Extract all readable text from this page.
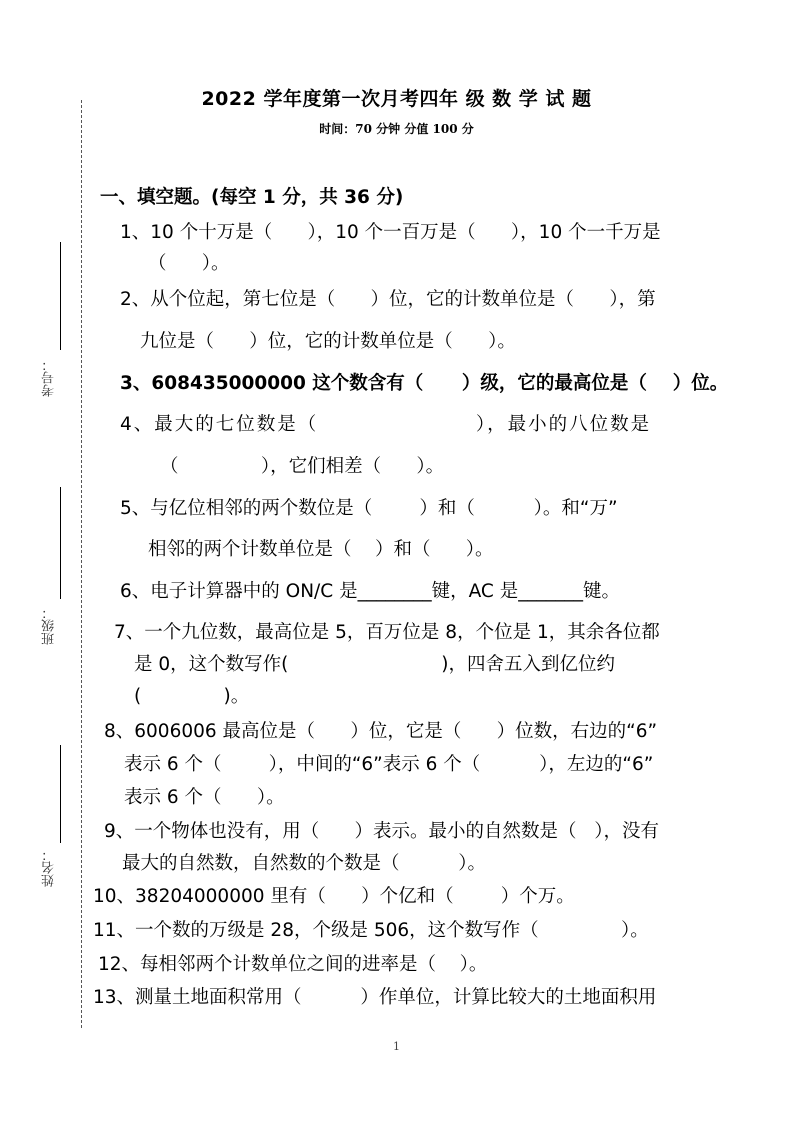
考号：
班级：
姓名：
2022 学年度第一次月考四年 级 数 学 试 题
时间：70 分钟 分值 100 分
一、填空题。(每空 1 分，共 36 分)
1、10 个十万是（      ），10 个一百万是（      ），10 个一千万是
（      ）。
2、从个位起，第七位是（      ）位，它的计数单位是（      ），第
九位是（      ）位，它的计数单位是（      ）。
3、608435000000 这个数含有（      ）级，它的最高位是（    ）位。
4、最大的七位数是（                    ），最小的八位数是
（              ），它们相差（      ）。
5、与亿位相邻的两个数位是（        ）和（          ）。和“万”
相邻的两个计数单位是（    ）和（      ）。
6、电子计算器中的 ON/C 是________键，AC 是_______键。
7、一个九位数，最高位是 5，百万位是 8，个位是 1，其余各位都
是 0，这个数写作(                          )，四舍五入到亿位约
(              )。
8、6006006 最高位是（      ）位，它是（      ）位数，右边的“6”
表示 6 个（        ），中间的“6”表示 6 个（          ），左边的“6”
表示 6 个（      ）。
9、一个物体也没有，用（      ）表示。最小的自然数是（   ），没有
最大的自然数，自然数的个数是（          ）。
10、38204000000 里有（      ）个亿和（        ）个万。
11、一个数的万级是 28，个级是 506，这个数写作（              ）。
12、每相邻两个计数单位之间的进率是（    ）。
13、测量土地面积常用（          ）作单位，计算比较大的土地面积用
1
